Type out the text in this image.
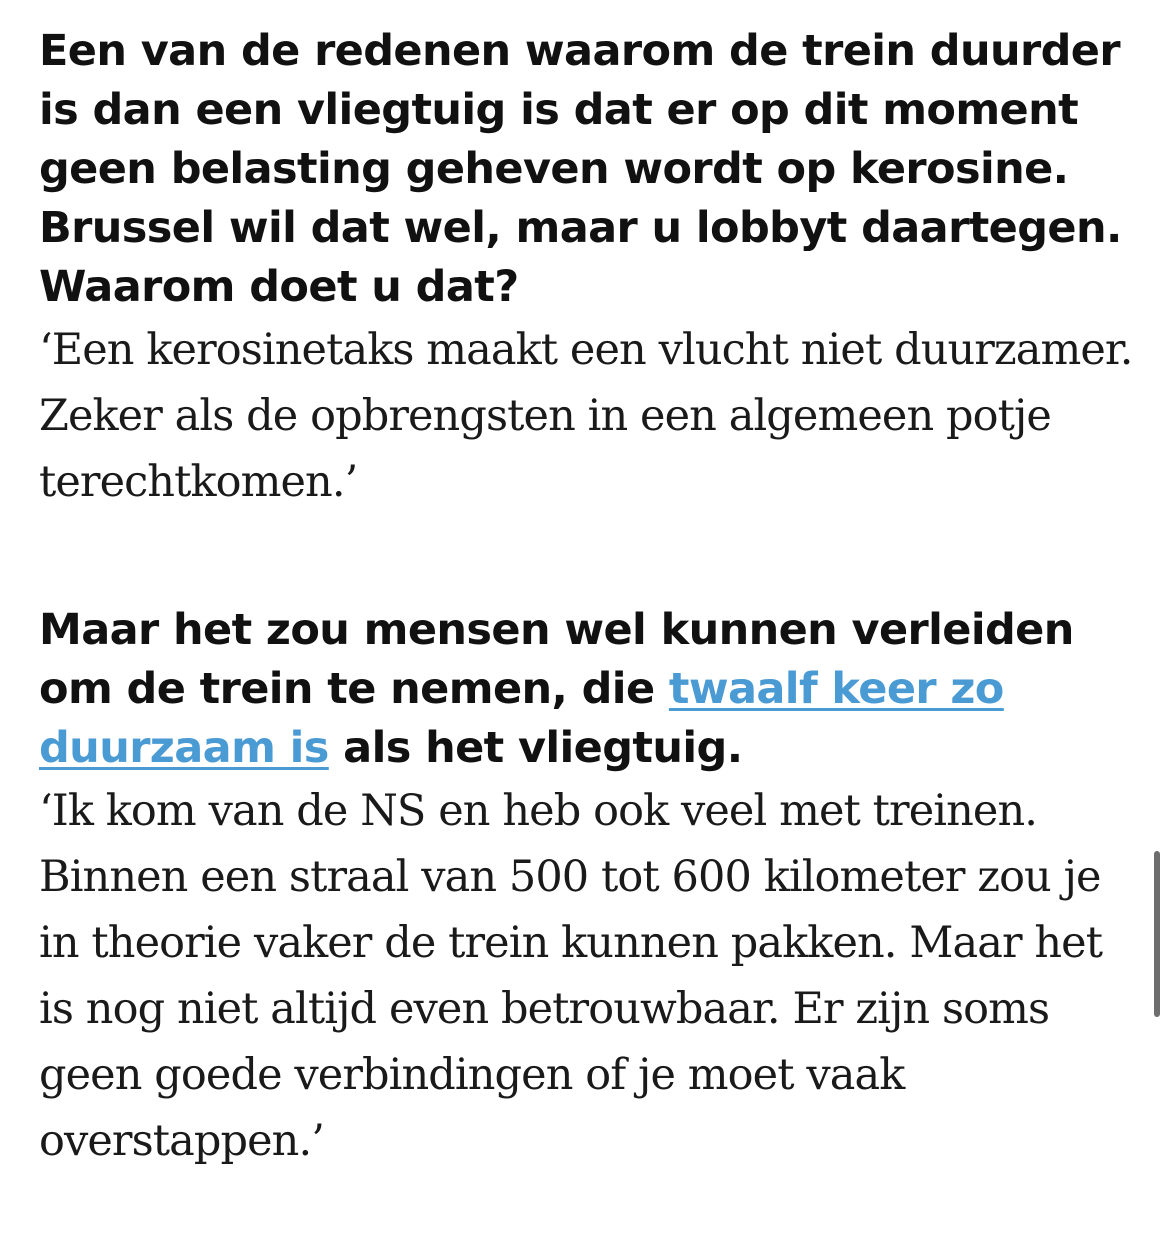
Een van de redenen waarom de trein duurder is dan een vliegtuig is dat er op dit moment geen belasting geheven wordt op kerosine. Brussel wil dat wel, maar u lobbyt daartegen. Waarom doet u dat?

‘Een kerosinetaks maakt een vlucht niet duurzamer. Zeker als de opbrengsten in een algemeen potje terechtkomen.’

Maar het zou mensen wel kunnen verleiden om de trein te nemen, die twaalf keer zo duurzaam is als het vliegtuig.

‘Ik kom van de NS en heb ook veel met treinen. Binnen een straal van 500 tot 600 kilometer zou je in theorie vaker de trein kunnen pakken. Maar het is nog niet altijd even betrouwbaar. Er zijn soms geen goede verbindingen of je moet vaak overstappen.’
